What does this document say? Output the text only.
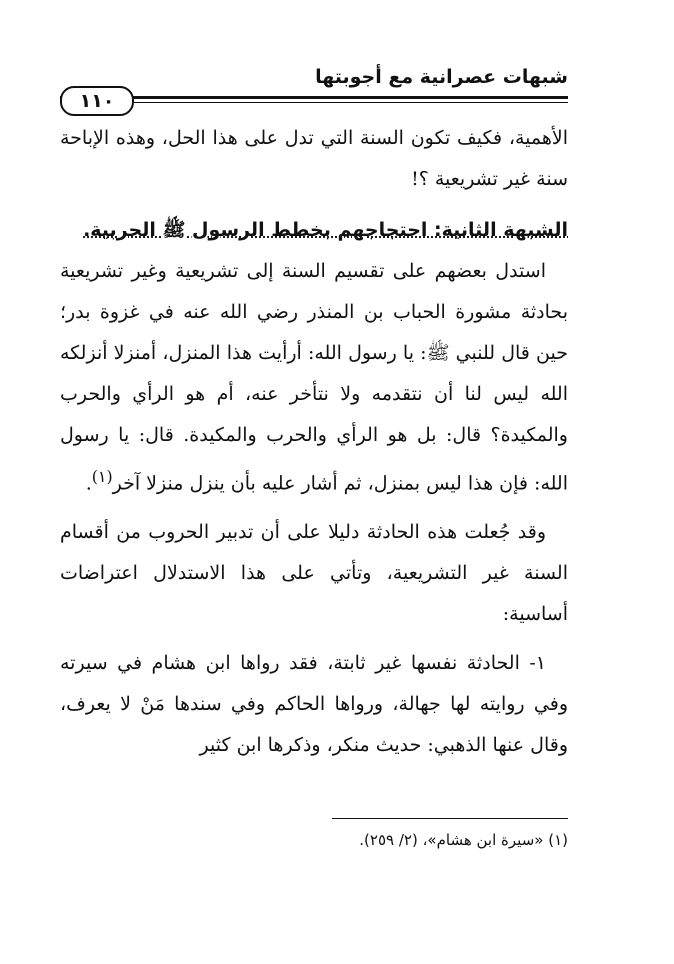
شبهات عصرانية مع أجوبتها
١١٠

الأهمية، فكيف تكون السنة التي تدل على هذا الحل، وهذه الإباحة سنة غير تشريعية ؟!

الشبهة الثانية: احتجاجهم بخطط الرسول ﷺ الحربية.

استدل بعضهم على تقسيم السنة إلى تشريعية وغير تشريعية بحادثة مشورة الحباب بن المنذر رضي الله عنه في غزوة بدر؛ حين قال للنبي ﷺ: يا رسول الله: أرأيت هذا المنزل، أمنزلا أنزلكه الله ليس لنا أن نتقدمه ولا نتأخر عنه، أم هو الرأي والحرب والمكيدة؟ قال: بل هو الرأي والحرب والمكيدة. قال: يا رسول الله: فإن هذا ليس بمنزل، ثم أشار عليه بأن ينزل منزلا آخر$^{(١)}$.

وقد جُعلت هذه الحادثة دليلا على أن تدبير الحروب من أقسام السنة غير التشريعية، وتأتي على هذا الاستدلال اعتراضات أساسية:

١- الحادثة نفسها غير ثابتة، فقد رواها ابن هشام في سيرته وفي روايته لها جهالة، ورواها الحاكم وفي سندها مَنْ لا يعرف، وقال عنها الذهبي: حديث منكر، وذكرها ابن كثير

(١) «سيرة ابن هشام»، (٢/ ٢٥٩).
